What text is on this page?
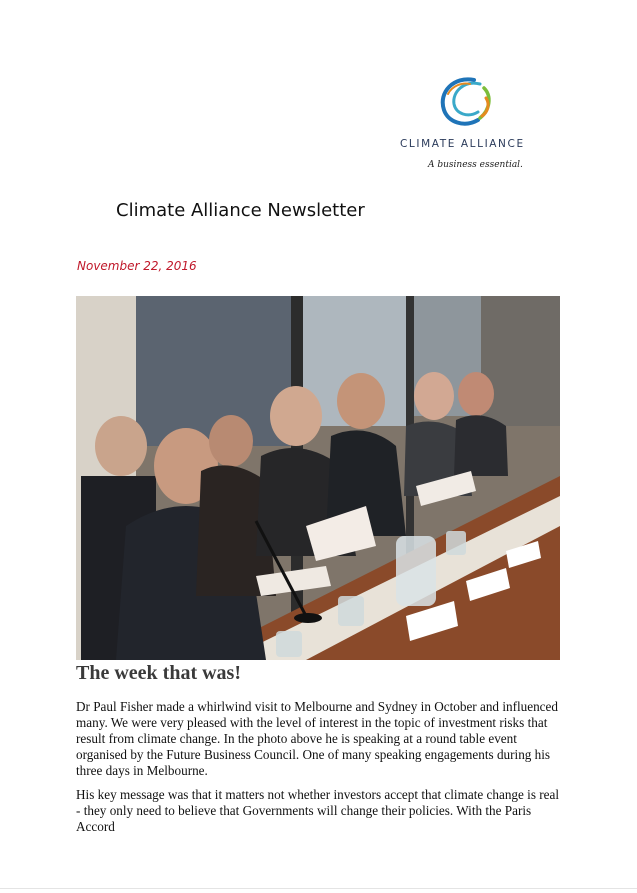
CLIMATE ALLIANCE
A business essential.
Climate Alliance Newsletter
November 22, 2016
The week that was!

Dr Paul Fisher made a whirlwind visit to Melbourne and Sydney in October and influenced many. We were very pleased with the level of interest in the topic of investment risks that result from climate change. In the photo above he is speaking at a round table event organised by the Future Business Council. One of many speaking engagements during his three days in Melbourne.

His key message was that it matters not whether investors accept that climate change is real - they only need to believe that Governments will change their policies. With the Paris Accord
